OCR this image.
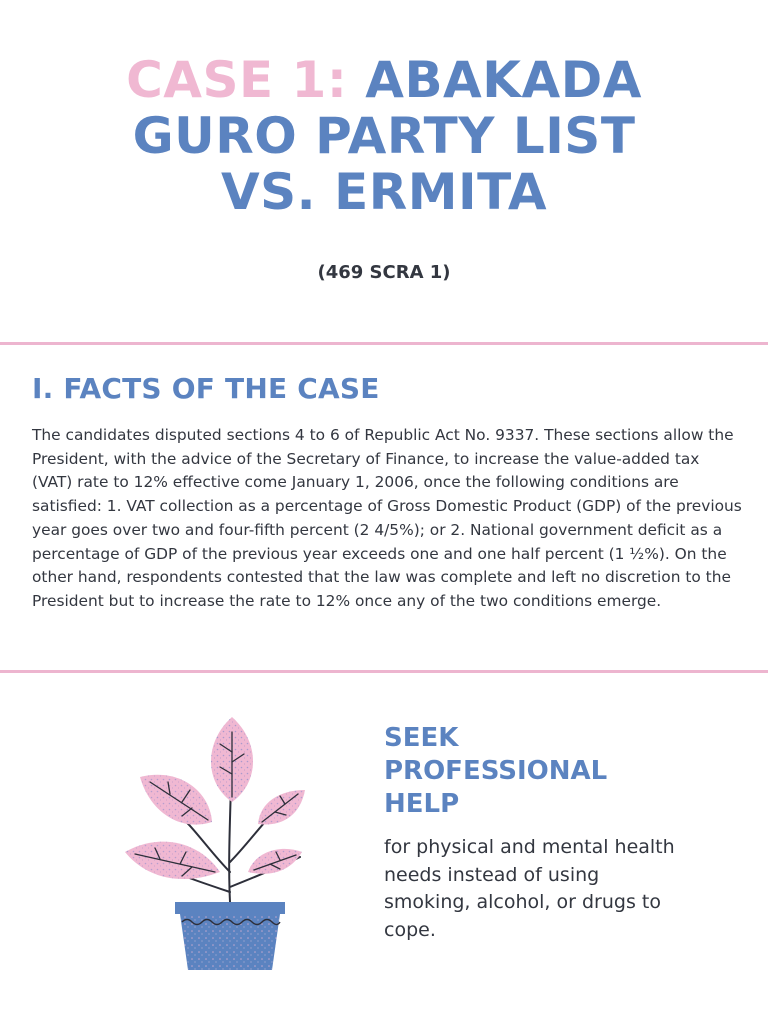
CASE 1: ABAKADA
GURO PARTY LIST
VS. ERMITA

(469 SCRA 1)

I. FACTS OF THE CASE

The candidates disputed sections 4 to 6 of Republic Act No. 9337. These sections allow the President, with the advice of the Secretary of Finance, to increase the value-added tax (VAT) rate to 12% effective come January 1, 2006, once the following conditions are satisfied: 1. VAT collection as a percentage of Gross Domestic Product (GDP) of the previous year goes over two and four-fifth percent (2 4/5%); or 2. National government deficit as a percentage of GDP of the previous year exceeds one and one half percent (1 ½%). On the other hand, respondents contested that the law was complete and left no discretion to the President but to increase the rate to 12% once any of the two conditions emerge.

SEEK
PROFESSIONAL
HELP

for physical and mental health needs instead of using smoking, alcohol, or drugs to cope.
